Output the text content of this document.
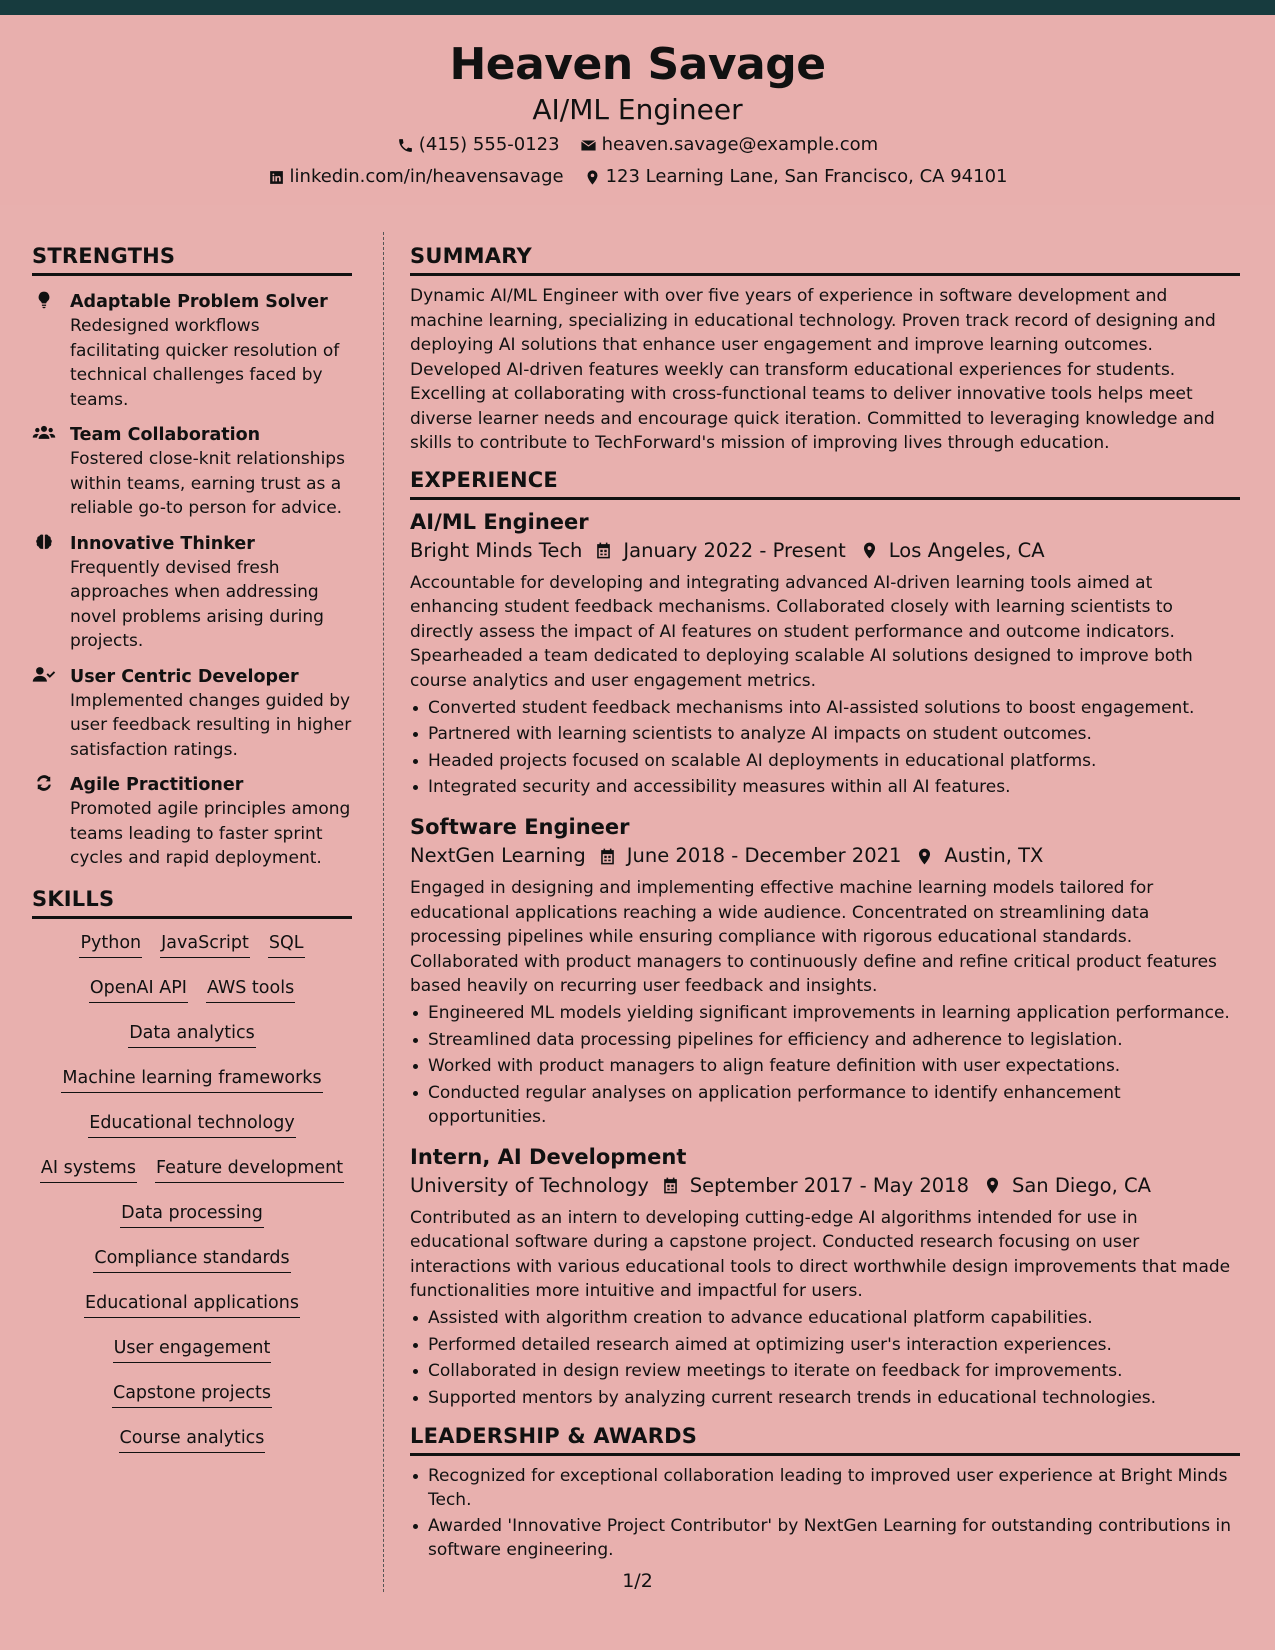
Heaven Savage
AI/ML Engineer
(415) 555-0123 heaven.savage@example.com
linkedin.com/in/heavensavage 123 Learning Lane, San Francisco, CA 94101
STRENGTHS
Adaptable Problem Solver
Redesigned workflows facilitating quicker resolution of technical challenges faced by teams.
Team Collaboration
Fostered close-knit relationships within teams, earning trust as a reliable go-to person for advice.
Innovative Thinker
Frequently devised fresh approaches when addressing novel problems arising during projects.
User Centric Developer
Implemented changes guided by user feedback resulting in higher satisfaction ratings.
Agile Practitioner
Promoted agile principles among teams leading to faster sprint cycles and rapid deployment.
SKILLS
Python JavaScript SQL
OpenAI API AWS tools
Data analytics
Machine learning frameworks
Educational technology
AI systems Feature development
Data processing
Compliance standards
Educational applications
User engagement
Capstone projects
Course analytics
SUMMARY
Dynamic AI/ML Engineer with over five years of experience in software development and machine learning, specializing in educational technology. Proven track record of designing and deploying AI solutions that enhance user engagement and improve learning outcomes. Developed AI-driven features weekly can transform educational experiences for students. Excelling at collaborating with cross-functional teams to deliver innovative tools helps meet diverse learner needs and encourage quick iteration. Committed to leveraging knowledge and skills to contribute to TechForward's mission of improving lives through education.
EXPERIENCE
AI/ML Engineer
Bright Minds Tech January 2022 - Present Los Angeles, CA
Accountable for developing and integrating advanced AI-driven learning tools aimed at enhancing student feedback mechanisms. Collaborated closely with learning scientists to directly assess the impact of AI features on student performance and outcome indicators. Spearheaded a team dedicated to deploying scalable AI solutions designed to improve both course analytics and user engagement metrics.
Converted student feedback mechanisms into AI-assisted solutions to boost engagement.
Partnered with learning scientists to analyze AI impacts on student outcomes.
Headed projects focused on scalable AI deployments in educational platforms.
Integrated security and accessibility measures within all AI features.
Software Engineer
NextGen Learning June 2018 - December 2021 Austin, TX
Engaged in designing and implementing effective machine learning models tailored for educational applications reaching a wide audience. Concentrated on streamlining data processing pipelines while ensuring compliance with rigorous educational standards. Collaborated with product managers to continuously define and refine critical product features based heavily on recurring user feedback and insights.
Engineered ML models yielding significant improvements in learning application performance.
Streamlined data processing pipelines for efficiency and adherence to legislation.
Worked with product managers to align feature definition with user expectations.
Conducted regular analyses on application performance to identify enhancement opportunities.
Intern, AI Development
University of Technology September 2017 - May 2018 San Diego, CA
Contributed as an intern to developing cutting-edge AI algorithms intended for use in educational software during a capstone project. Conducted research focusing on user interactions with various educational tools to direct worthwhile design improvements that made functionalities more intuitive and impactful for users.
Assisted with algorithm creation to advance educational platform capabilities.
Performed detailed research aimed at optimizing user's interaction experiences.
Collaborated in design review meetings to iterate on feedback for improvements.
Supported mentors by analyzing current research trends in educational technologies.
LEADERSHIP & AWARDS
Recognized for exceptional collaboration leading to improved user experience at Bright Minds Tech.
Awarded 'Innovative Project Contributor' by NextGen Learning for outstanding contributions in software engineering.
1/2
